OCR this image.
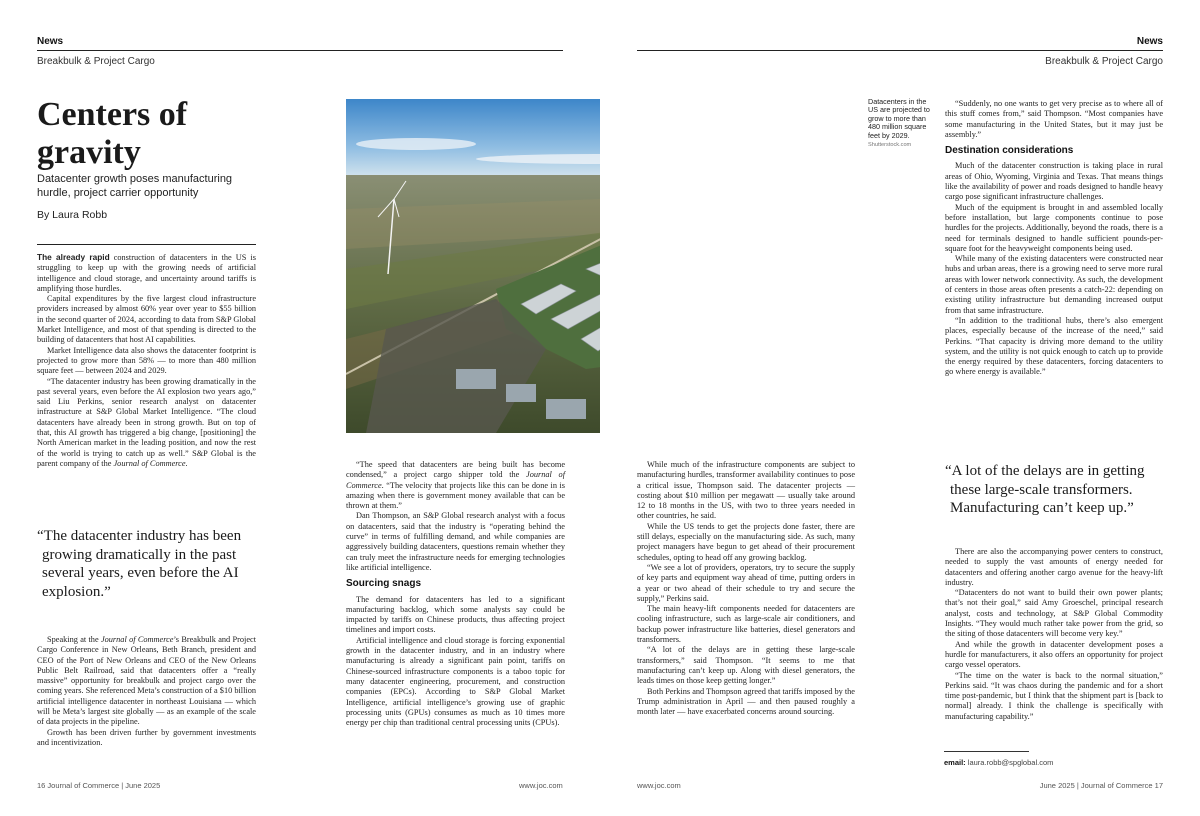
News
Breakbulk & Project Cargo
Centers of gravity
Datacenter growth poses manufacturing hurdle, project carrier opportunity
By Laura Robb

The already rapid construction of datacenters in the US is struggling to keep up with the growing needs of artificial intelligence and cloud storage, and uncertainty around tariffs is amplifying those hurdles.

Capital expenditures by the five largest cloud infrastructure providers increased by almost 60% year over year to $55 billion in the second quarter of 2024, according to data from S&P Global Market Intelligence, and most of that spending is directed to the building of datacenters that host AI capabilities.

Market Intelligence data also shows the datacenter footprint is projected to grow more than 58% — to more than 480 million square feet — between 2024 and 2029.

“The datacenter industry has been growing dramatically in the past several years, even before the AI explosion two years ago,” said Liu Perkins, senior research analyst on datacenter infrastructure at S&P Global Market Intelligence. “The cloud datacenters have already been in strong growth. But on top of that, this AI growth has triggered a big change, [positioning] the North American market in the leading position, and now the rest of the world is trying to catch up as well.” S&P Global is the parent company of the Journal of Commerce.

“The datacenter industry has been growing dramatically in the past several years, even before the AI explosion.”

Speaking at the Journal of Commerce’s Breakbulk and Project Cargo Conference in New Orleans, Beth Branch, president and CEO of the Port of New Orleans and CEO of the New Orleans Public Belt Railroad, said that datacenters offer a “really massive” opportunity for breakbulk and project cargo over the coming years. She referenced Meta’s construction of a $10 billion artificial intelligence datacenter in northeast Louisiana — which will be Meta’s largest site globally — as an example of the scale of data projects in the pipeline.

Growth has been driven further by government investments and incentivization.

“The speed that datacenters are being built has become condensed,” a project cargo shipper told the Journal of Commerce. “The velocity that projects like this can be done in is amazing when there is government money available that can be thrown at them.”

Dan Thompson, an S&P Global research analyst with a focus on datacenters, said that the industry is “operating behind the curve” in terms of fulfilling demand, and while companies are aggressively building datacenters, questions remain whether they can truly meet the infrastructure needs for emerging technologies like artificial intelligence.

Sourcing snags

The demand for datacenters has led to a significant manufacturing backlog, which some analysts say could be impacted by tariffs on Chinese products, thus affecting project timelines and import costs.

Artificial intelligence and cloud storage is forcing exponential growth in the datacenter industry, and in an industry where manufacturing is already a significant pain point, tariffs on Chinese-sourced infrastructure components is a taboo topic for many datacenter engineering, procurement, and construction companies (EPCs). According to S&P Global Market Intelligence, artificial intelligence’s growing use of graphic processing units (GPUs) consumes as much as 10 times more energy per chip than traditional central processing units (CPUs).

16 Journal of Commerce | June 2025	www.joc.com
News
Breakbulk & Project Cargo

While much of the infrastructure components are subject to manufacturing hurdles, transformer availability continues to pose a critical issue, Thompson said. The datacenter projects — costing about $10 million per megawatt — usually take around 12 to 18 months in the US, with two to three years needed in other countries, he said.

While the US tends to get the projects done faster, there are still delays, especially on the manufacturing side. As such, many project managers have begun to get ahead of their procurement schedules, opting to head off any growing backlog.

“We see a lot of providers, operators, try to secure the supply of key parts and equipment way ahead of time, putting orders in a year or two ahead of their schedule to try and secure the supply,” Perkins said.

The main heavy-lift components needed for datacenters are cooling infrastructure, such as large-scale air conditioners, and backup power infrastructure like batteries, diesel generators and transformers.

“A lot of the delays are in getting these large-scale transformers,” said Thompson. “It seems to me that manufacturing can’t keep up. Along with diesel generators, the leads times on those keep getting longer.”

Both Perkins and Thompson agreed that tariffs imposed by the Trump administration in April — and then paused roughly a month later — have exacerbated concerns around sourcing.

“Suddenly, no one wants to get very precise as to where all of this stuff comes from,” said Thompson. “Most companies have some manufacturing in the United States, but it may just be assembly.”

Destination considerations

Much of the datacenter construction is taking place in rural areas of Ohio, Wyoming, Virginia and Texas. That means things like the availability of power and roads designed to handle heavy cargo pose significant infrastructure challenges.

Much of the equipment is brought in and assembled locally before installation, but large components continue to pose hurdles for the projects. Additionally, beyond the roads, there is a need for terminals designed to handle sufficient pounds-per-square foot for the heavyweight components being used.

While many of the existing datacenters were constructed near hubs and urban areas, there is a growing need to serve more rural areas with lower network connectivity. As such, the development of centers in those areas often presents a catch-22: depending on existing utility infrastructure but demanding increased output from that same infrastructure.

“In addition to the traditional hubs, there’s also emergent places, especially because of the increase of the need,” said Perkins. “That capacity is driving more demand to the utility system, and the utility is not quick enough to catch up to provide the energy required by these datacenters, forcing datacenters to go where energy is available.”

“A lot of the delays are in getting these large-scale transformers. Manufacturing can’t keep up.”

There are also the accompanying power centers to construct, needed to supply the vast amounts of energy needed for datacenters and offering another cargo avenue for the heavy-lift industry.

“Datacenters do not want to build their own power plants; that’s not their goal,” said Amy Groeschel, principal research analyst, costs and technology, at S&P Global Commodity Insights. “They would much rather take power from the grid, so the siting of those datacenters will become very key.”

And while the growth in datacenter development poses a hurdle for manufacturers, it also offers an opportunity for project cargo vessel operators.

“The time on the water is back to the normal situation,” Perkins said. “It was chaos during the pandemic and for a short time post-pandemic, but I think that the shipment part is [back to normal] already. I think the challenge is specifically with manufacturing capability.”

www.joc.com	June 2025 | Journal of Commerce 17
Datacenters in the US are projected to grow to more than 480 million square feet by 2029.
Shutterstock.com
email: laura.robb@spglobal.com
